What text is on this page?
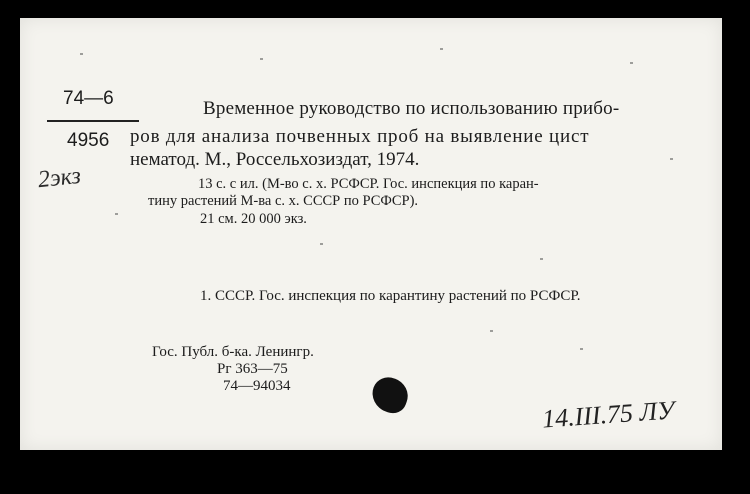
74—6
4956
2экз
Временное руководство по использованию прибо-
ров для анализа почвенных проб на выявление цист
нематод. М., Россельхозиздат, 1974.
13 с. с ил. (М-во с. х. РСФСР. Гос. инспекция по каран-
тину растений М-ва с. х. СССР по РСФСР).
21 см. 20 000 экз.
1. СССР. Гос. инспекция по карантину растений по РСФСР.
Гос. Публ. б-ка. Ленингр.
Рг 363—75
74—94034
14.III.75 ЛУ
